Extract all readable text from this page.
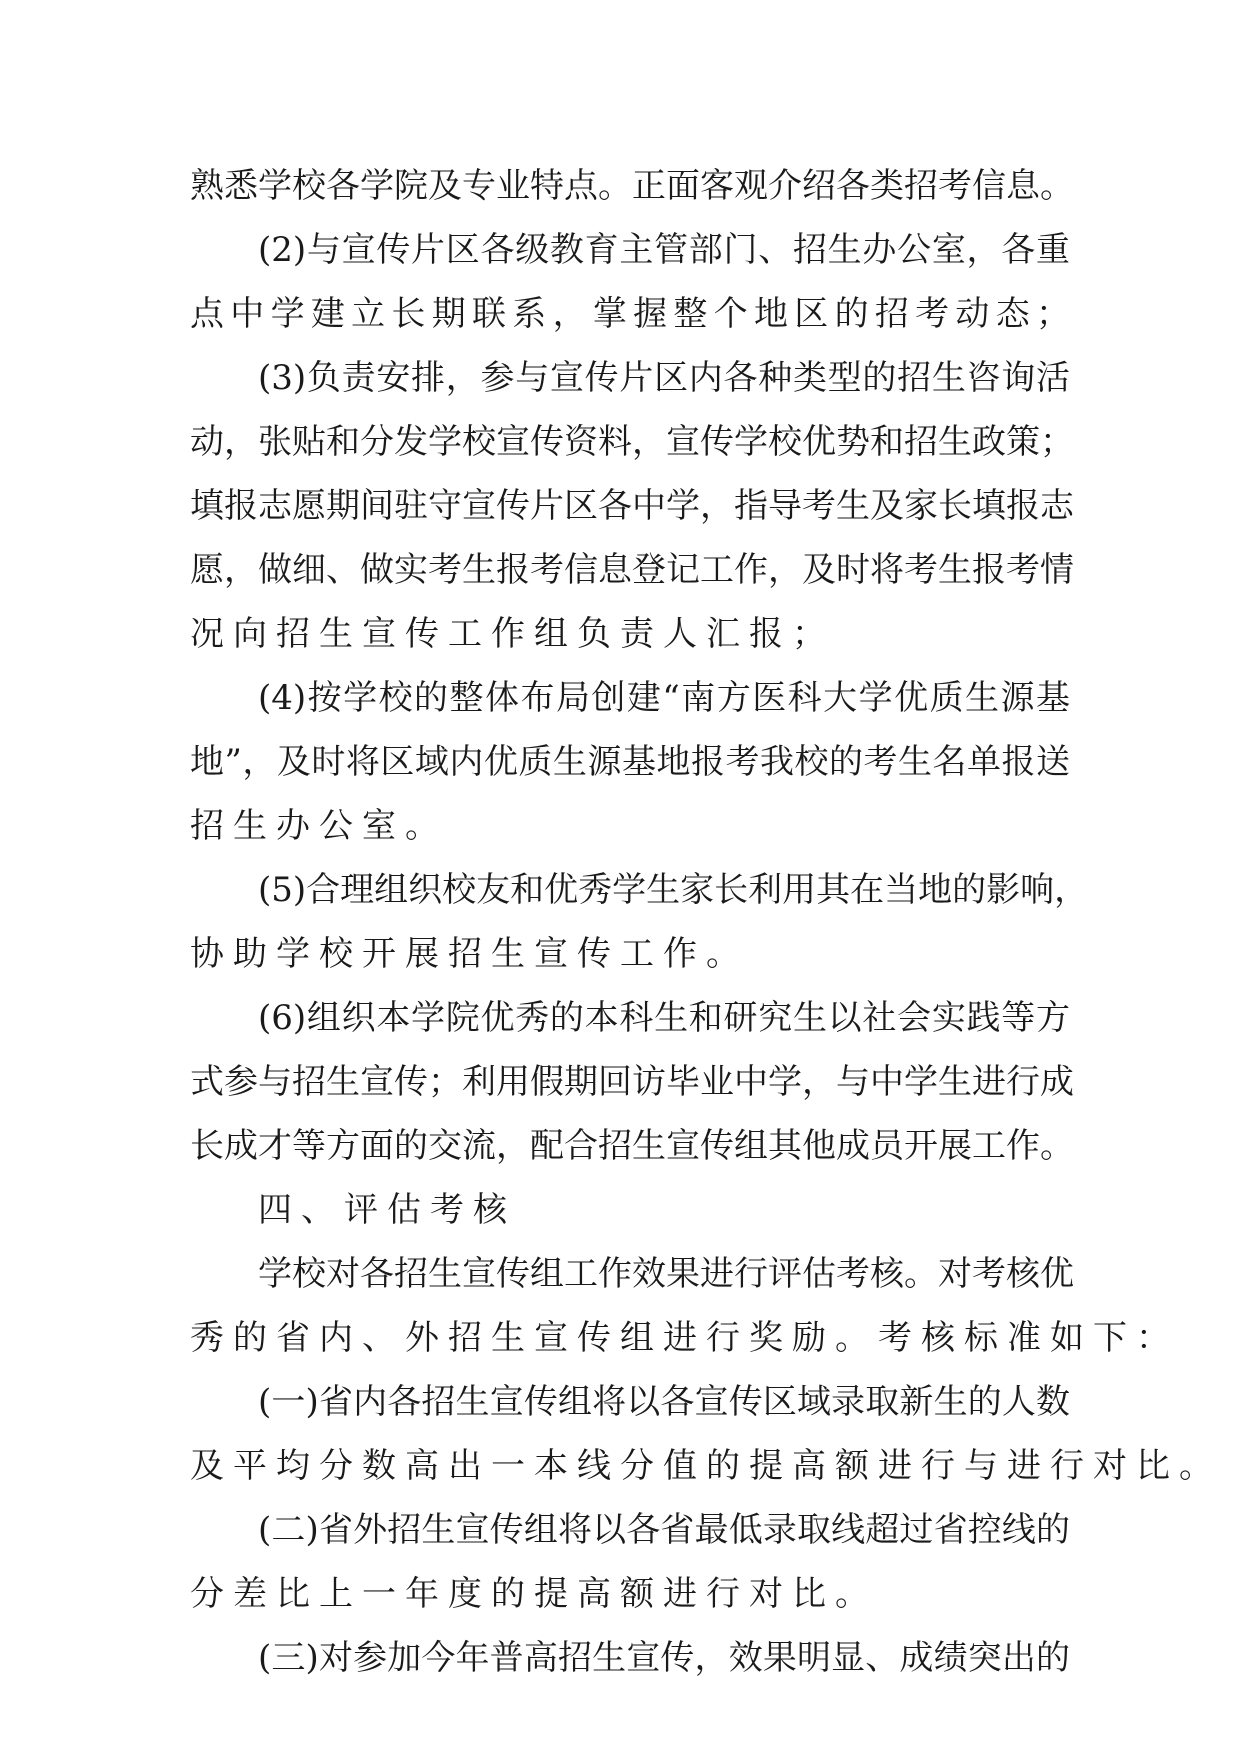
熟悉学校各学院及专业特点。正面客观介绍各类招考信息。
(2)与宣传片区各级教育主管部门、招生办公室，各重
点中学建立长期联系，掌握整个地区的招考动态；
(3)负责安排，参与宣传片区内各种类型的招生咨询活
动，张贴和分发学校宣传资料，宣传学校优势和招生政策；
填报志愿期间驻守宣传片区各中学，指导考生及家长填报志
愿，做细、做实考生报考信息登记工作，及时将考生报考情
况向招生宣传工作组负责人汇报；
(4)按学校的整体布局创建“南方医科大学优质生源基
地”，及时将区域内优质生源基地报考我校的考生名单报送
招生办公室。
(5)合理组织校友和优秀学生家长利用其在当地的影响，
协助学校开展招生宣传工作。
(6)组织本学院优秀的本科生和研究生以社会实践等方
式参与招生宣传；利用假期回访毕业中学，与中学生进行成
长成才等方面的交流，配合招生宣传组其他成员开展工作。
四、评估考核
学校对各招生宣传组工作效果进行评估考核。对考核优
秀的省内、外招生宣传组进行奖励。考核标准如下：
(一)省内各招生宣传组将以各宣传区域录取新生的人数
及平均分数高出一本线分值的提高额进行与进行对比。
(二)省外招生宣传组将以各省最低录取线超过省控线的
分差比上一年度的提高额进行对比。
(三)对参加今年普高招生宣传，效果明显、成绩突出的
